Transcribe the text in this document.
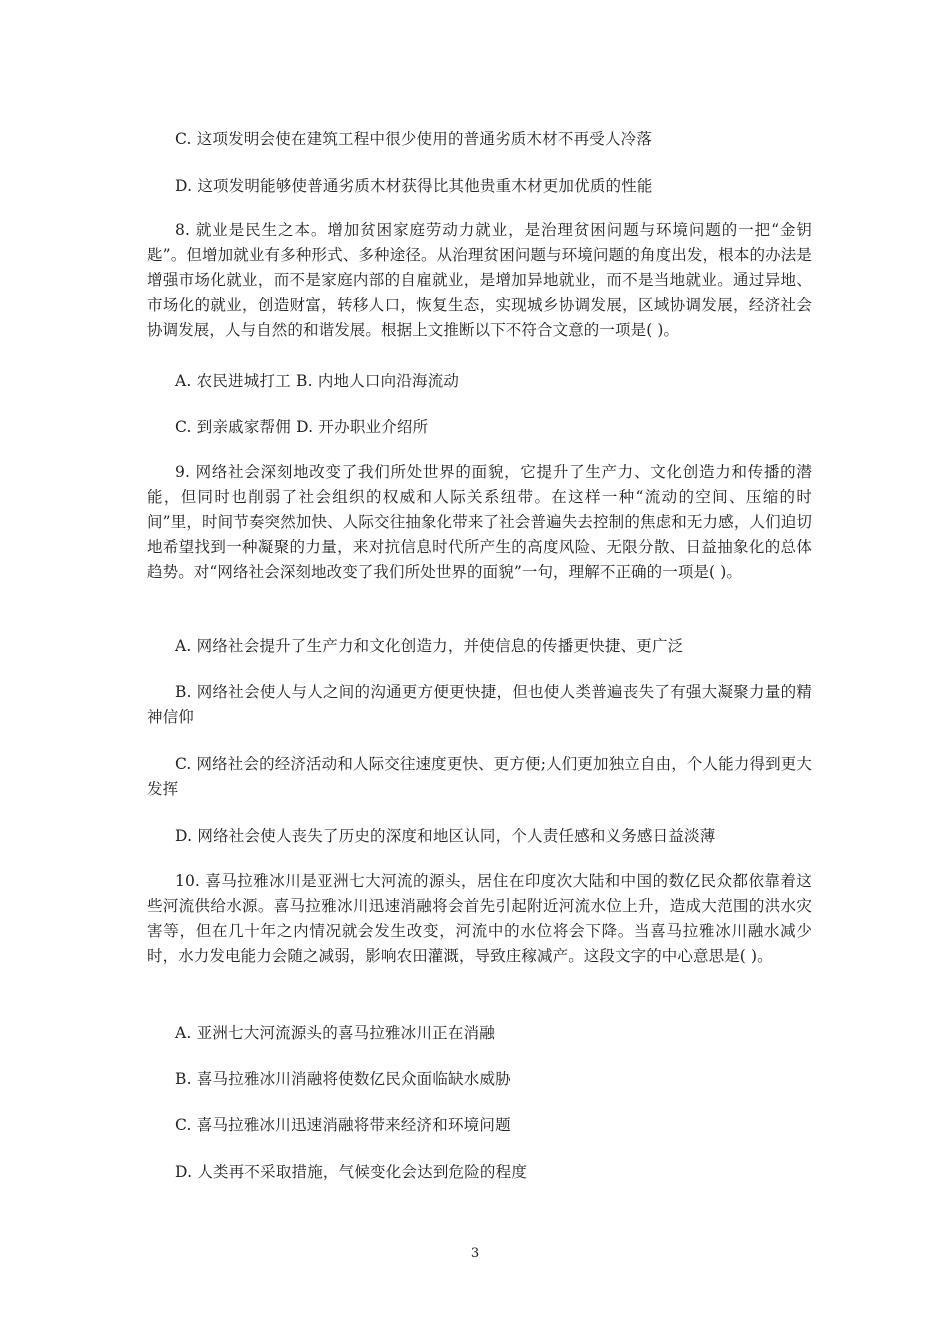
C. 这项发明会使在建筑工程中很少使用的普通劣质木材不再受人冷落
D. 这项发明能够使普通劣质木材获得比其他贵重木材更加优质的性能
8. 就业是民生之本。增加贫困家庭劳动力就业，是治理贫困问题与环境问题的一把“金钥匙”。但增加就业有多种形式、多种途径。从治理贫困问题与环境问题的角度出发，根本的办法是增强市场化就业，而不是家庭内部的自雇就业，是增加异地就业，而不是当地就业。通过异地、市场化的就业，创造财富，转移人口，恢复生态，实现城乡协调发展，区域协调发展，经济社会协调发展，人与自然的和谐发展。根据上文推断以下不符合文意的一项是( )。
A. 农民进城打工 B. 内地人口向沿海流动
C. 到亲戚家帮佣 D. 开办职业介绍所
9. 网络社会深刻地改变了我们所处世界的面貌，它提升了生产力、文化创造力和传播的潜能，但同时也削弱了社会组织的权威和人际关系纽带。在这样一种“流动的空间、压缩的时间”里，时间节奏突然加快、人际交往抽象化带来了社会普遍失去控制的焦虑和无力感，人们迫切地希望找到一种凝聚的力量，来对抗信息时代所产生的高度风险、无限分散、日益抽象化的总体趋势。对“网络社会深刻地改变了我们所处世界的面貌”一句，理解不正确的一项是( )。
A. 网络社会提升了生产力和文化创造力，并使信息的传播更快捷、更广泛
B. 网络社会使人与人之间的沟通更方便更快捷，但也使人类普遍丧失了有强大凝聚力量的精神信仰
C. 网络社会的经济活动和人际交往速度更快、更方便;人们更加独立自由，个人能力得到更大发挥
D. 网络社会使人丧失了历史的深度和地区认同，个人责任感和义务感日益淡薄
10. 喜马拉雅冰川是亚洲七大河流的源头，居住在印度次大陆和中国的数亿民众都依靠着这些河流供给水源。喜马拉雅冰川迅速消融将会首先引起附近河流水位上升，造成大范围的洪水灾害等，但在几十年之内情况就会发生改变，河流中的水位将会下降。当喜马拉雅冰川融水减少时，水力发电能力会随之减弱，影响农田灌溉，导致庄稼减产。这段文字的中心意思是( )。
A. 亚洲七大河流源头的喜马拉雅冰川正在消融
B. 喜马拉雅冰川消融将使数亿民众面临缺水威胁
C. 喜马拉雅冰川迅速消融将带来经济和环境问题
D. 人类再不采取措施，气候变化会达到危险的程度
3
